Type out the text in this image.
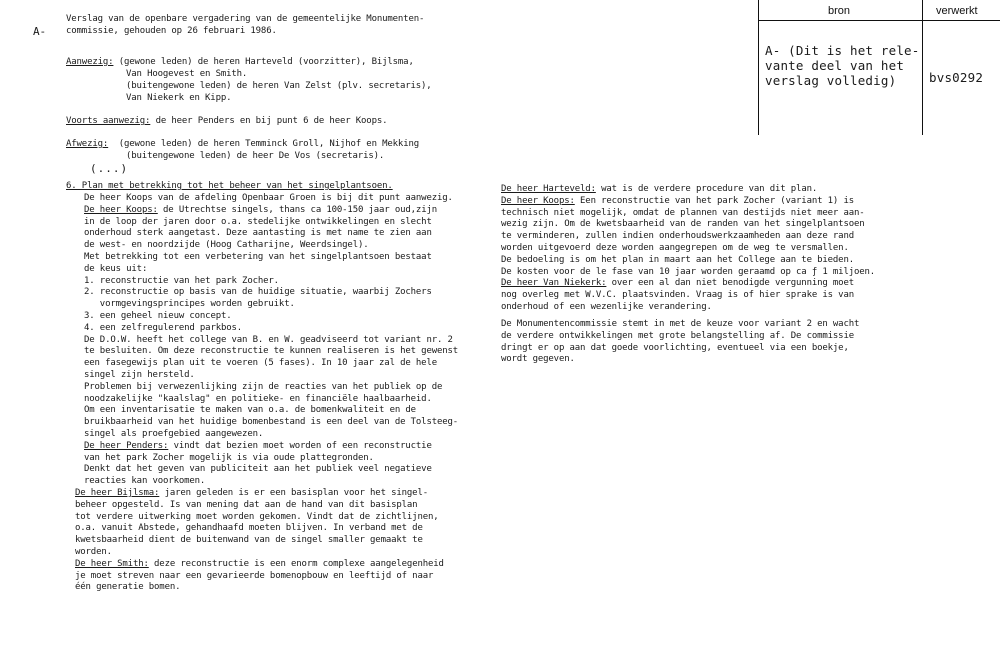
A-
Verslag van de openbare vergadering van de gemeentelijke Monumenten-
commissie, gehouden op 26 februari 1986.
Aanwezig: (gewone leden) de heren Harteveld (voorzitter), Bijlsma,
Van Hoogevest en Smith.
(buitengewone leden) de heren Van Zelst (plv. secretaris),
Van Niekerk en Kipp.
Voorts aanwezig: de heer Penders en bij punt 6 de heer Koops.
Afwezig:  (gewone leden) de heren Temminck Groll, Nijhof en Mekking
(buitengewone leden) de heer De Vos (secretaris).
(...)
6. Plan met betrekking tot het beheer van het singelplantsoen.
De heer Koops van de afdeling Openbaar Groen is bij dit punt aanwezig.
De heer Koops: de Utrechtse singels, thans ca 100-150 jaar oud,zijn
in de loop der jaren door o.a. stedelijke ontwikkelingen en slecht
onderhoud sterk aangetast. Deze aantasting is met name te zien aan
de west- en noordzijde (Hoog Catharijne, Weerdsingel).
Met betrekking tot een verbetering van het singelplantsoen bestaat
de keus uit:
1. reconstructie van het park Zocher.
2. reconstructie op basis van de huidige situatie, waarbij Zochers
vormgevingsprincipes worden gebruikt.
3. een geheel nieuw concept.
4. een zelfregulerend parkbos.
De D.O.W. heeft het college van B. en W. geadviseerd tot variant nr. 2
te besluiten. Om deze reconstructie te kunnen realiseren is het gewenst
een fasegewijs plan uit te voeren (5 fases). In 10 jaar zal de hele
singel zijn hersteld.
Problemen bij verwezenlijking zijn de reacties van het publiek op de
noodzakelijke "kaalslag" en politieke- en financiële haalbaarheid.
Om een inventarisatie te maken van o.a. de bomenkwaliteit en de
bruikbaarheid van het huidige bomenbestand is een deel van de Tolsteeg-
singel als proefgebied aangewezen.
De heer Penders: vindt dat bezien moet worden of een reconstructie
van het park Zocher mogelijk is via oude plattegronden.
Denkt dat het geven van publiciteit aan het publiek veel negatieve
reacties kan voorkomen.
De heer Bijlsma: jaren geleden is er een basisplan voor het singel-
beheer opgesteld. Is van mening dat aan de hand van dit basisplan
tot verdere uitwerking moet worden gekomen. Vindt dat de zichtlijnen,
o.a. vanuit Abstede, gehandhaafd moeten blijven. In verband met de
kwetsbaarheid dient de buitenwand van de singel smaller gemaakt te
worden.
De heer Smith: deze reconstructie is een enorm complexe aangelegenheid
je moet streven naar een gevarieerde bomenopbouw en leeftijd of naar
één generatie bomen.
De heer Harteveld: wat is de verdere procedure van dit plan.
De heer Koops: Een reconstructie van het park Zocher (variant 1) is
technisch niet mogelijk, omdat de plannen van destijds niet meer aan-
wezig zijn. Om de kwetsbaarheid van de randen van het singelplantsoen
te verminderen, zullen indien onderhoudswerkzaamheden aan deze rand
worden uitgevoerd deze worden aangegrepen om de weg te versmallen.
De bedoeling is om het plan in maart aan het College aan te bieden.
De kosten voor de le fase van 10 jaar worden geraamd op ca ƒ 1 miljoen.
De heer Van Niekerk: over een al dan niet benodigde vergunning moet
nog overleg met W.V.C. plaatsvinden. Vraag is of hier sprake is van
onderhoud of een wezenlijke verandering.
De Monumentencommissie stemt in met de keuze voor variant 2 en wacht
de verdere ontwikkelingen met grote belangstelling af. De commissie
dringt er op aan dat goede voorlichting, eventueel via een boekje,
wordt gegeven.
bron	verwerkt
A- (Dit is het rele-
vante deel van het
verslag volledig)	bvs0292
